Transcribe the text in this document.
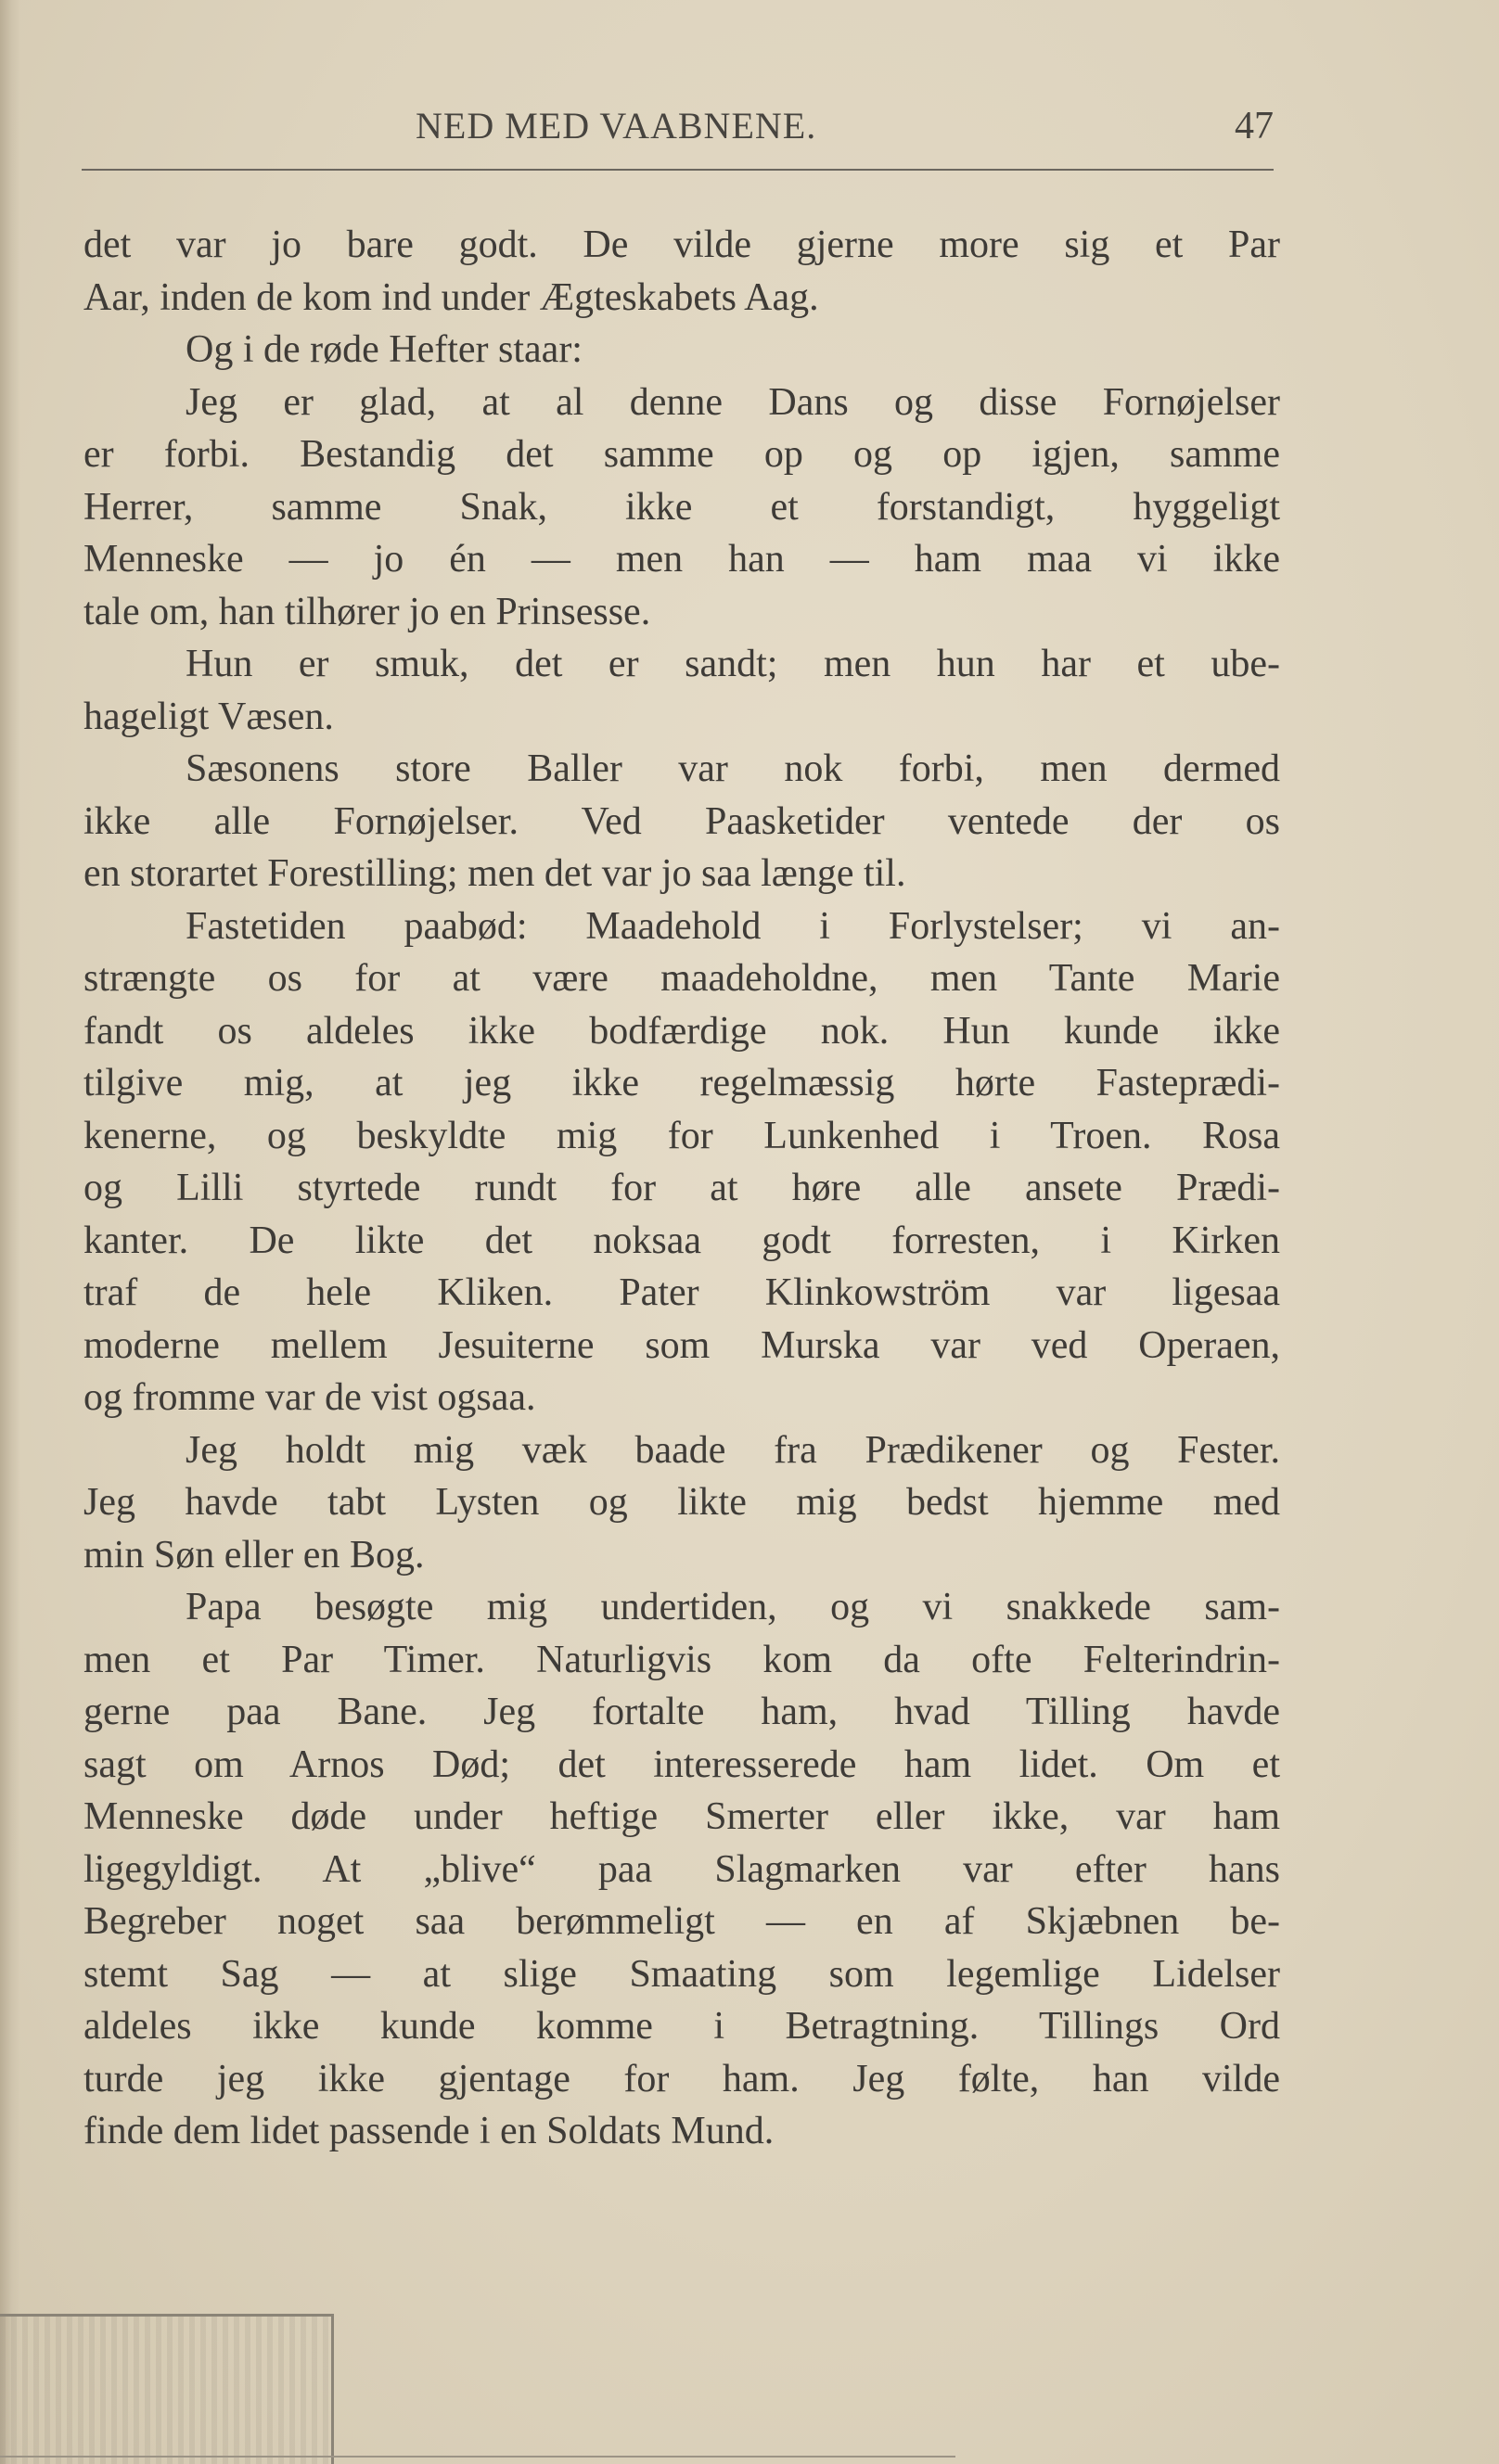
NED MED VAABNENE.	47
det var jo bare godt. De vilde gjerne more sig et Par
Aar, inden de kom ind under Ægteskabets Aag.
Og i de røde Hefter staar:
Jeg er glad, at al denne Dans og disse Fornøjelser
er forbi. Bestandig det samme op og op igjen, samme
Herrer, samme Snak, ikke et forstandigt, hyggeligt
Menneske — jo én — men han — ham maa vi ikke
tale om, han tilhører jo en Prinsesse.
Hun er smuk, det er sandt; men hun har et ube-
hageligt Væsen.
Sæsonens store Baller var nok forbi, men dermed
ikke alle Fornøjelser. Ved Paasketider ventede der os
en storartet Forestilling; men det var jo saa længe til.
Fastetiden paabød: Maadehold i Forlystelser; vi an-
strængte os for at være maadeholdne, men Tante Marie
fandt os aldeles ikke bodfærdige nok. Hun kunde ikke
tilgive mig, at jeg ikke regelmæssig hørte Fasteprædi-
kenerne, og beskyldte mig for Lunkenhed i Troen. Rosa
og Lilli styrtede rundt for at høre alle ansete Prædi-
kanter. De likte det noksaa godt forresten, i Kirken
traf de hele Kliken. Pater Klinkowström var ligesaa
moderne mellem Jesuiterne som Murska var ved Operaen,
og fromme var de vist ogsaa.
Jeg holdt mig væk baade fra Prædikener og Fester.
Jeg havde tabt Lysten og likte mig bedst hjemme med
min Søn eller en Bog.
Papa besøgte mig undertiden, og vi snakkede sam-
men et Par Timer. Naturligvis kom da ofte Felterindrin-
gerne paa Bane. Jeg fortalte ham, hvad Tilling havde
sagt om Arnos Død; det interesserede ham lidet. Om et
Menneske døde under heftige Smerter eller ikke, var ham
ligegyldigt. At „blive“ paa Slagmarken var efter hans
Begreber noget saa berømmeligt — en af Skjæbnen be-
stemt Sag — at slige Smaating som legemlige Lidelser
aldeles ikke kunde komme i Betragtning. Tillings Ord
turde jeg ikke gjentage for ham. Jeg følte, han vilde
finde dem lidet passende i en Soldats Mund.
